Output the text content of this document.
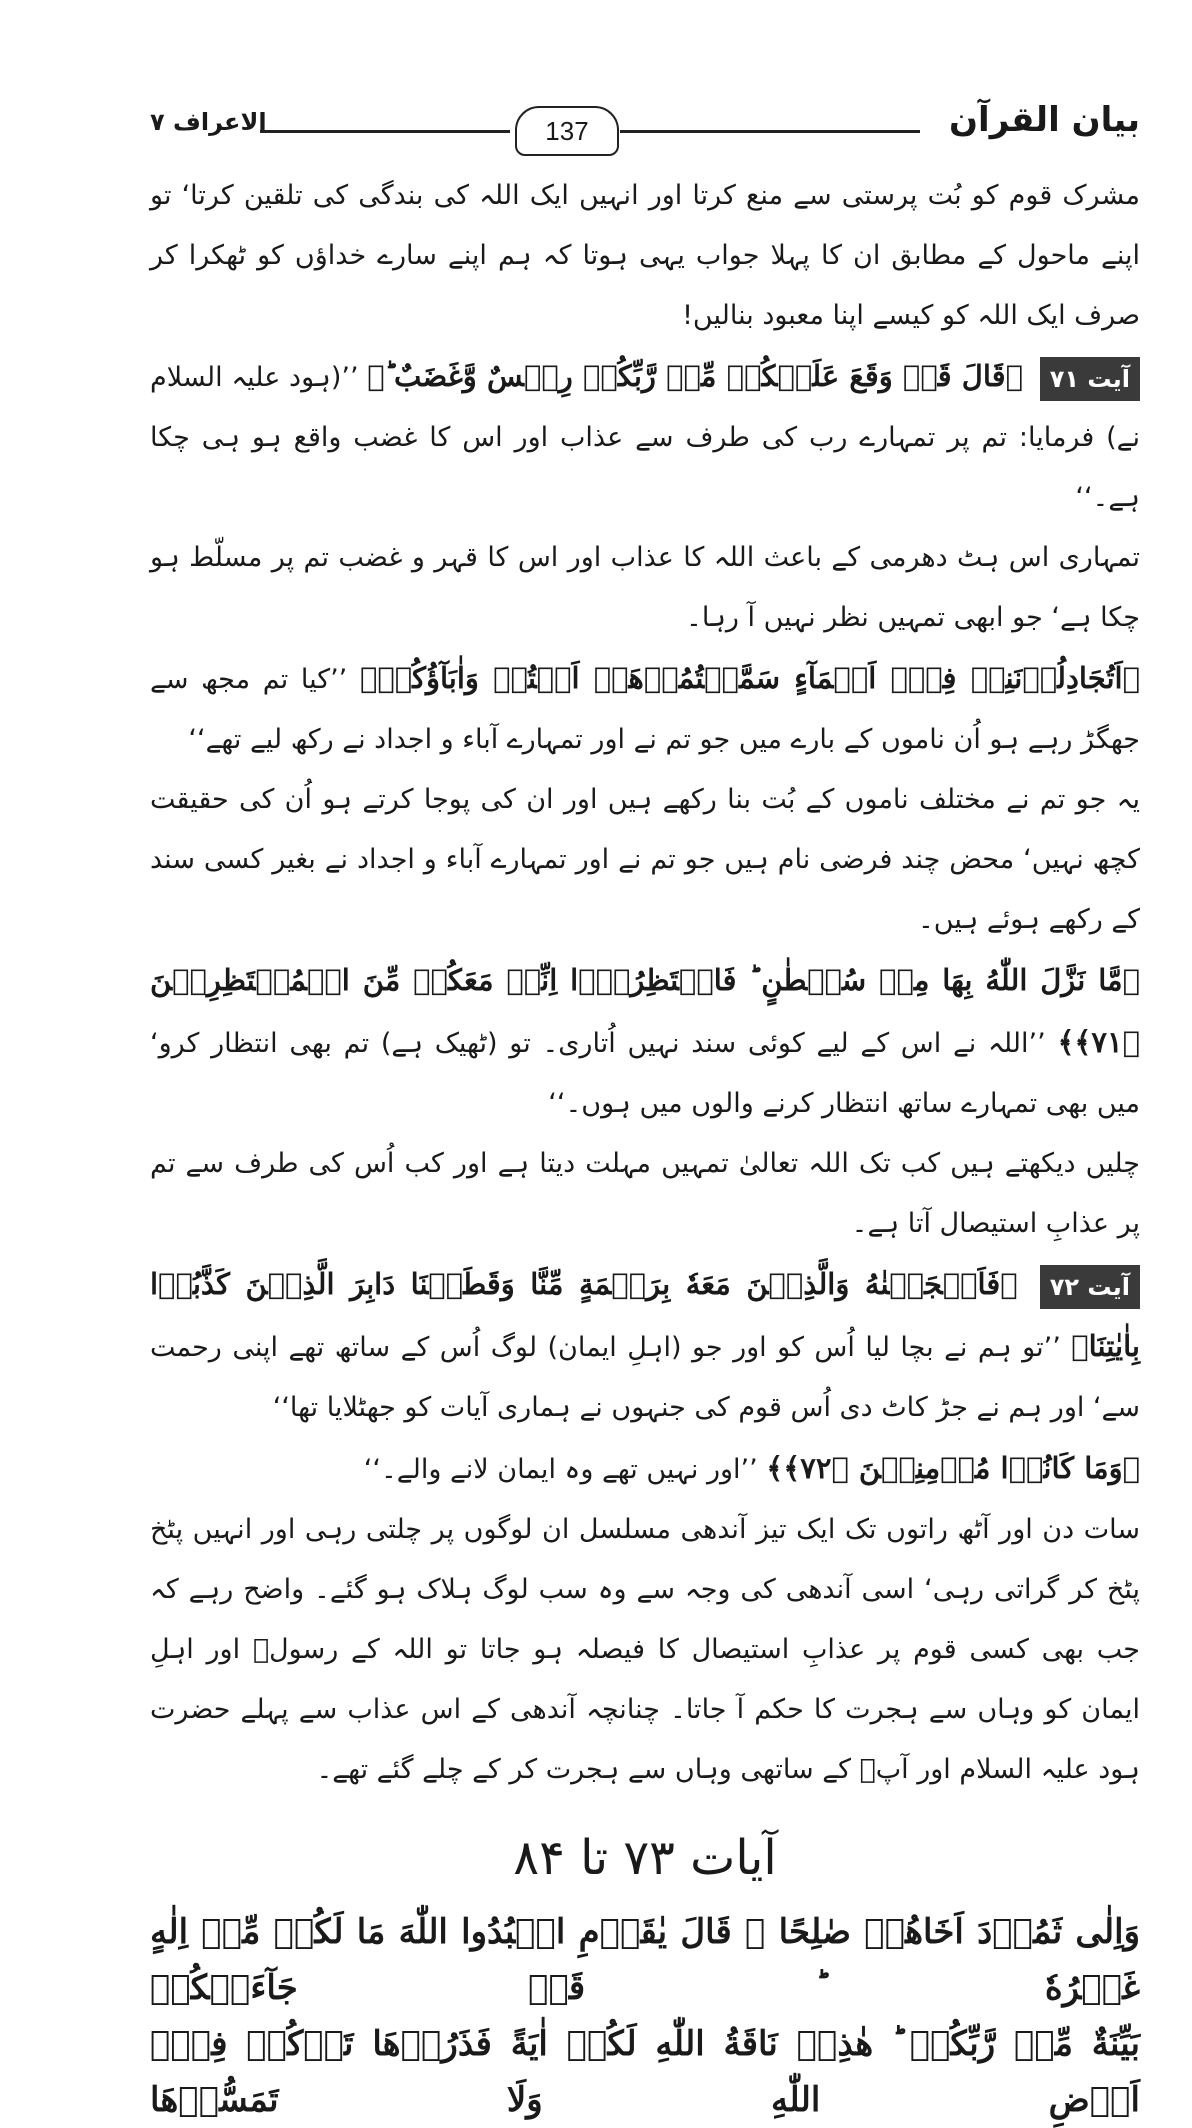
الاعراف ۷	137	بیان القرآن

مشرک قوم کو بُت پرستی سے منع کرتا اور انہیں ایک اللہ کی بندگی کی تلقین کرتا‘ تو اپنے ماحول کے مطابق ان کا پہلا جواب یہی ہوتا کہ ہم اپنے سارے خداؤں کو ٹھکرا کر صرف ایک اللہ کو کیسے اپنا معبود بنالیں!

آیت ۷۱ ﴿قَالَ قَدۡ وَقَعَ عَلَیۡکُمۡ مِّنۡ رَّبِّکُمۡ رِجۡسٌ وَّغَضَبٌ ؕ﴾ ’’(ہود علیہ السلام نے) فرمایا: تم پر تمہارے رب کی طرف سے عذاب اور اس کا غضب واقع ہو ہی چکا ہے۔‘‘

تمہاری اس ہٹ دھرمی کے باعث اللہ کا عذاب اور اس کا قہر و غضب تم پر مسلّط ہو چکا ہے‘ جو ابھی تمہیں نظر نہیں آ رہا۔

﴿اَتُجَادِلُوۡنَنِیۡ فِیۡۤ اَسۡمَآءٍ سَمَّیۡتُمُوۡهَاۤ اَنۡتُمۡ وَاٰبَآؤُکُمۡ﴾ ’’کیا تم مجھ سے جھگڑ رہے ہو اُن ناموں کے بارے میں جو تم نے اور تمہارے آباء و اجداد نے رکھ لیے تھے‘‘

یہ جو تم نے مختلف ناموں کے بُت بنا رکھے ہیں اور ان کی پوجا کرتے ہو اُن کی حقیقت کچھ نہیں‘ محض چند فرضی نام ہیں جو تم نے اور تمہارے آباء و اجداد نے بغیر کسی سند کے رکھے ہوئے ہیں۔

﴿مَّا نَزَّلَ اللّٰهُ بِهَا مِنۡ سُلۡطٰنٍ ؕ فَانۡتَظِرُوۡۤا اِنِّیۡ مَعَکُمۡ مِّنَ الۡمُنۡتَظِرِیۡنَ ﴿۷۱﴾﴾ ’’اللہ نے اس کے لیے کوئی سند نہیں اُتاری۔ تو (ٹھیک ہے) تم بھی انتظار کرو‘ میں بھی تمہارے ساتھ انتظار کرنے والوں میں ہوں۔‘‘

چلیں دیکھتے ہیں کب تک اللہ تعالیٰ تمہیں مہلت دیتا ہے اور کب اُس کی طرف سے تم پر عذابِ استیصال آتا ہے۔

آیت ۷۲ ﴿فَاَنۡجَیۡنٰهُ وَالَّذِیۡنَ مَعَهٗ بِرَحۡمَةٍ مِّنَّا وَقَطَعۡنَا دَابِرَ الَّذِیۡنَ کَذَّبُوۡا بِاٰیٰتِنَا﴾ ’’تو ہم نے بچا لیا اُس کو اور جو (اہلِ ایمان) لوگ اُس کے ساتھ تھے اپنی رحمت سے‘ اور ہم نے جڑ کاٹ دی اُس قوم کی جنہوں نے ہماری آیات کو جھٹلایا تھا‘‘

﴿وَمَا کَانُوۡا مُؤۡمِنِیۡنَ ﴿۷۲﴾﴾ ’’اور نہیں تھے وہ ایمان لانے والے۔‘‘

سات دن اور آٹھ راتوں تک ایک تیز آندھی مسلسل ان لوگوں پر چلتی رہی اور انہیں پٹخ پٹخ کر گراتی رہی‘ اسی آندھی کی وجہ سے وہ سب لوگ ہلاک ہو گئے۔ واضح رہے کہ جب بھی کسی قوم پر عذابِ استیصال کا فیصلہ ہو جاتا تو اللہ کے رسولؑ اور اہلِ ایمان کو وہاں سے ہجرت کا حکم آ جاتا۔ چنانچہ آندھی کے اس عذاب سے پہلے حضرت ہود علیہ السلام اور آپؑ کے ساتھی وہاں سے ہجرت کر کے چلے گئے تھے۔

آیات ۷۳ تا ۸۴

وَاِلٰی ثَمُوۡدَ اَخَاهُمۡ صٰلِحًا ۘ قَالَ یٰقَوۡمِ اعۡبُدُوا اللّٰهَ مَا لَکُمۡ مِّنۡ اِلٰهٍ غَیۡرُهٗ ؕ قَدۡ جَآءَتۡکُمۡ

بَیِّنَةٌ مِّنۡ رَّبِّکُمۡ ؕ هٰذِهٖ نَاقَةُ اللّٰهِ لَکُمۡ اٰیَةً فَذَرُوۡهَا تَاۡکُلۡ فِیۡۤ اَرۡضِ اللّٰهِ وَلَا تَمَسُّوۡهَا
